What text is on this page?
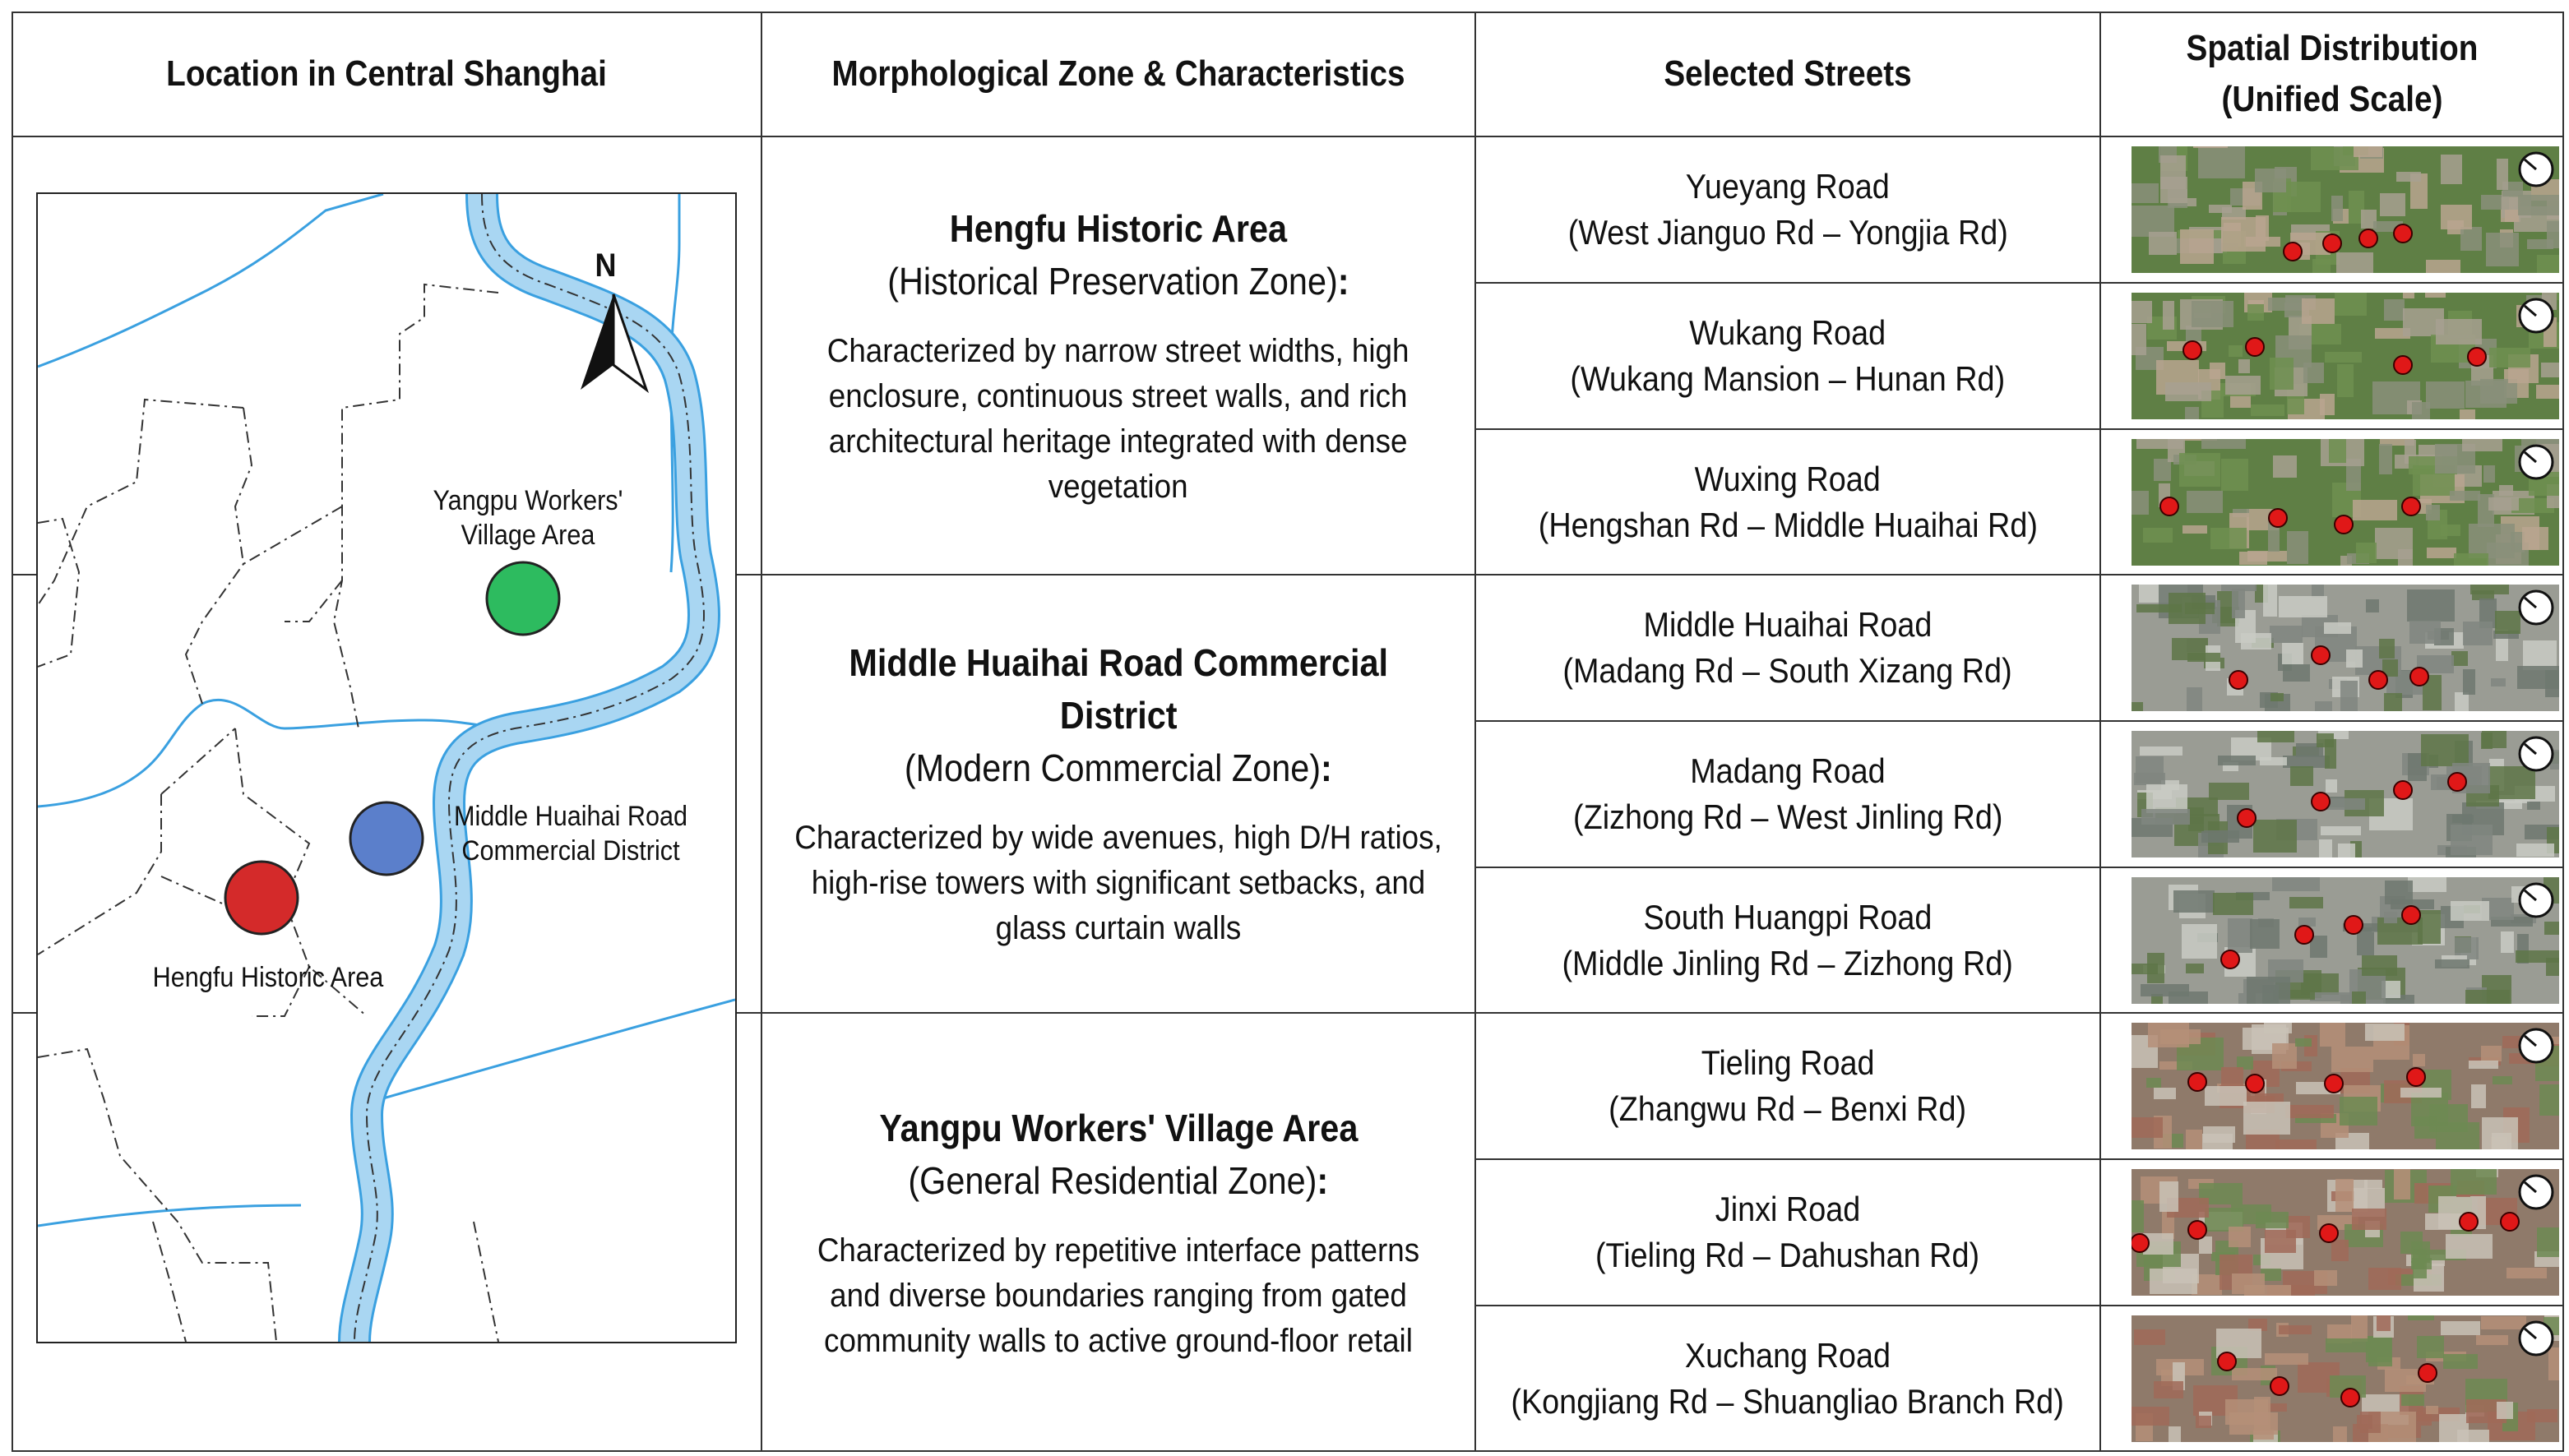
Location in Central Shanghai	Morphological Zone & Characteristics	Selected Streets
Spatial Distribution
(Unified Scale)
N
Yangpu Workers'
Village Area
Middle Huaihai Road
Commercial District
Hengfu Historic Area
Hengfu Historic Area
(Historical Preservation Zone):
Characterized by narrow street widths, high
enclosure, continuous street walls, and rich
architectural heritage integrated with dense
vegetation
Middle Huaihai Road Commercial
District
(Modern Commercial Zone):
Characterized by wide avenues, high D/H ratios,
high-rise towers with significant setbacks, and
glass curtain walls
Yangpu Workers' Village Area
(General Residential Zone):
Characterized by repetitive interface patterns
and diverse boundaries ranging from gated
community walls to active ground-floor retail
Yueyang Road
(West Jianguo Rd – Yongjia Rd)
Wukang Road
(Wukang Mansion – Hunan Rd)
Wuxing Road
(Hengshan Rd – Middle Huaihai Rd)
Middle Huaihai Road
(Madang Rd – South Xizang Rd)
Madang Road
(Zizhong Rd – West Jinling Rd)
South Huangpi Road
(Middle Jinling Rd – Zizhong Rd)
Tieling Road
(Zhangwu Rd – Benxi Rd)
Jinxi Road
(Tieling Rd – Dahushan Rd)
Xuchang Road
(Kongjiang Rd – Shuangliao Branch Rd)
